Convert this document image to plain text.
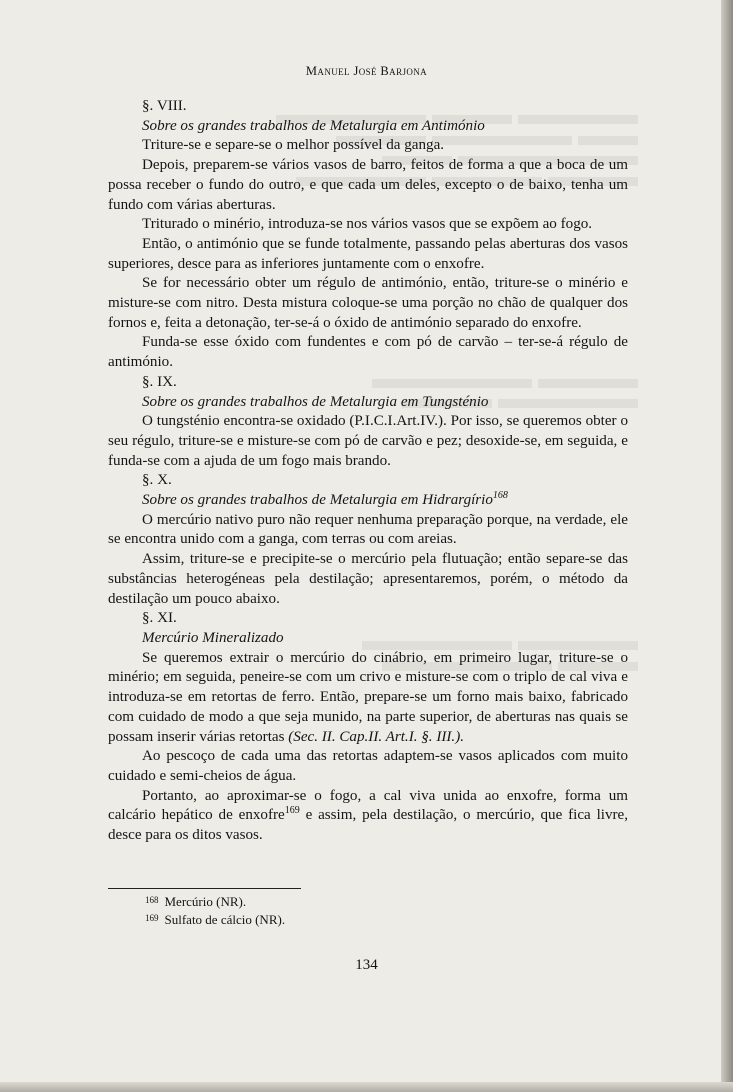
Manuel José Barjona

§. VIII.

Sobre os grandes trabalhos de Metalurgia em Antimónio

Triture-se e separe-se o melhor possível da ganga.

Depois, preparem-se vários vasos de barro, feitos de forma a que a boca de um possa receber o fundo do outro, e que cada um deles, excepto o de baixo, tenha um fundo com várias aberturas.

Triturado o minério, introduza-se nos vários vasos que se expõem ao fogo.

Então, o antimónio que se funde totalmente, passando pelas aberturas dos vasos superiores, desce para as inferiores juntamente com o enxofre.

Se for necessário obter um régulo de antimónio, então, triture-se o minério e misture-se com nitro. Desta mistura coloque-se uma porção no chão de qualquer dos fornos e, feita a detonação, ter-se-á o óxido de antimónio separado do enxofre.

Funda-se esse óxido com fundentes e com pó de carvão – ter-se-á régulo de antimónio.

§. IX.

Sobre os grandes trabalhos de Metalurgia em Tungsténio

O tungsténio encontra-se oxidado (P.I.C.I.Art.IV.). Por isso, se queremos obter o seu régulo, triture-se e misture-se com pó de carvão e pez; desoxide-se, em seguida, e funda-se com a ajuda de um fogo mais brando.

§. X.

Sobre os grandes trabalhos de Metalurgia em Hidrargírio$^{168}$

O mercúrio nativo puro não requer nenhuma preparação porque, na verdade, ele se encontra unido com a ganga, com terras ou com areias.

Assim, triture-se e precipite-se o mercúrio pela flutuação; então separe-se das substâncias heterogéneas pela destilação; apresentaremos, porém, o método da destilação um pouco abaixo.

§. XI.

Mercúrio Mineralizado

Se queremos extrair o mercúrio do cinábrio, em primeiro lugar, triture-se o minério; em seguida, peneire-se com um crivo e misture-se com o triplo de cal viva e introduza-se em retortas de ferro. Então, prepare-se um forno mais baixo, fabricado com cuidado de modo a que seja munido, na parte superior, de aberturas nas quais se possam inserir várias retortas (Sec. II. Cap.II. Art.I. §. III.).

Ao pescoço de cada uma das retortas adaptem-se vasos aplicados com muito cuidado e semi-cheios de água.

Portanto, ao aproximar-se o fogo, a cal viva unida ao enxofre, forma um calcário hepático de enxofre$^{169}$ e assim, pela destilação, o mercúrio, que fica livre, desce para os ditos vasos.

$^{168}$ Mercúrio (NR).
$^{169}$ Sulfato de cálcio (NR).
134
